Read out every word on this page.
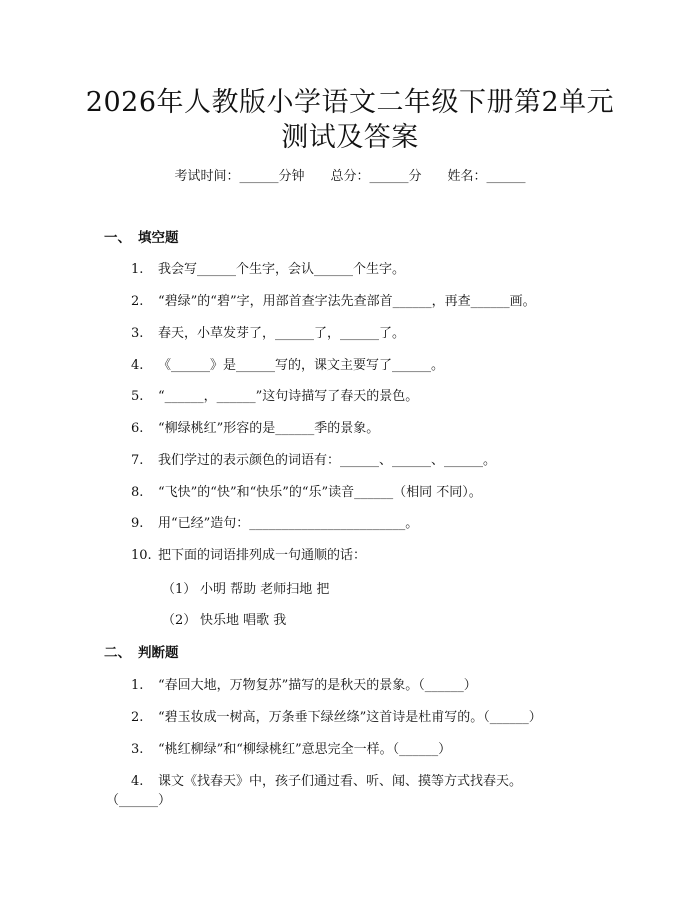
2026年人教版小学语文二年级下册第2单元
测试及答案
考试时间：______分钟 总分：______分 姓名：______
一、 填空题
1. 我会写______个生字，会认______个生字。
2. “碧绿”的“碧”字，用部首查字法先查部首______，再查______画。
3. 春天，小草发芽了，______了，______了。
4. 《______》是______写的，课文主要写了______。
5. “______，______”这句诗描写了春天的景色。
6. “柳绿桃红”形容的是______季的景象。
7. 我们学过的表示颜色的词语有：______、______、______。
8. “飞快”的“快”和“快乐”的“乐”读音______（相同 不同）。
9. 用“已经”造句：________________________。
10. 把下面的词语排列成一句通顺的话：
（1） 小明 帮助 老师扫地 把
（2） 快乐地 唱歌 我
二、 判断题
1. “春回大地，万物复苏”描写的是秋天的景象。（______）
2. “碧玉妆成一树高，万条垂下绿丝绦”这首诗是杜甫写的。（______）
3. “桃红柳绿”和“柳绿桃红”意思完全一样。（______）
4. 课文《找春天》中，孩子们通过看、听、闻、摸等方式找春天。
（______）
